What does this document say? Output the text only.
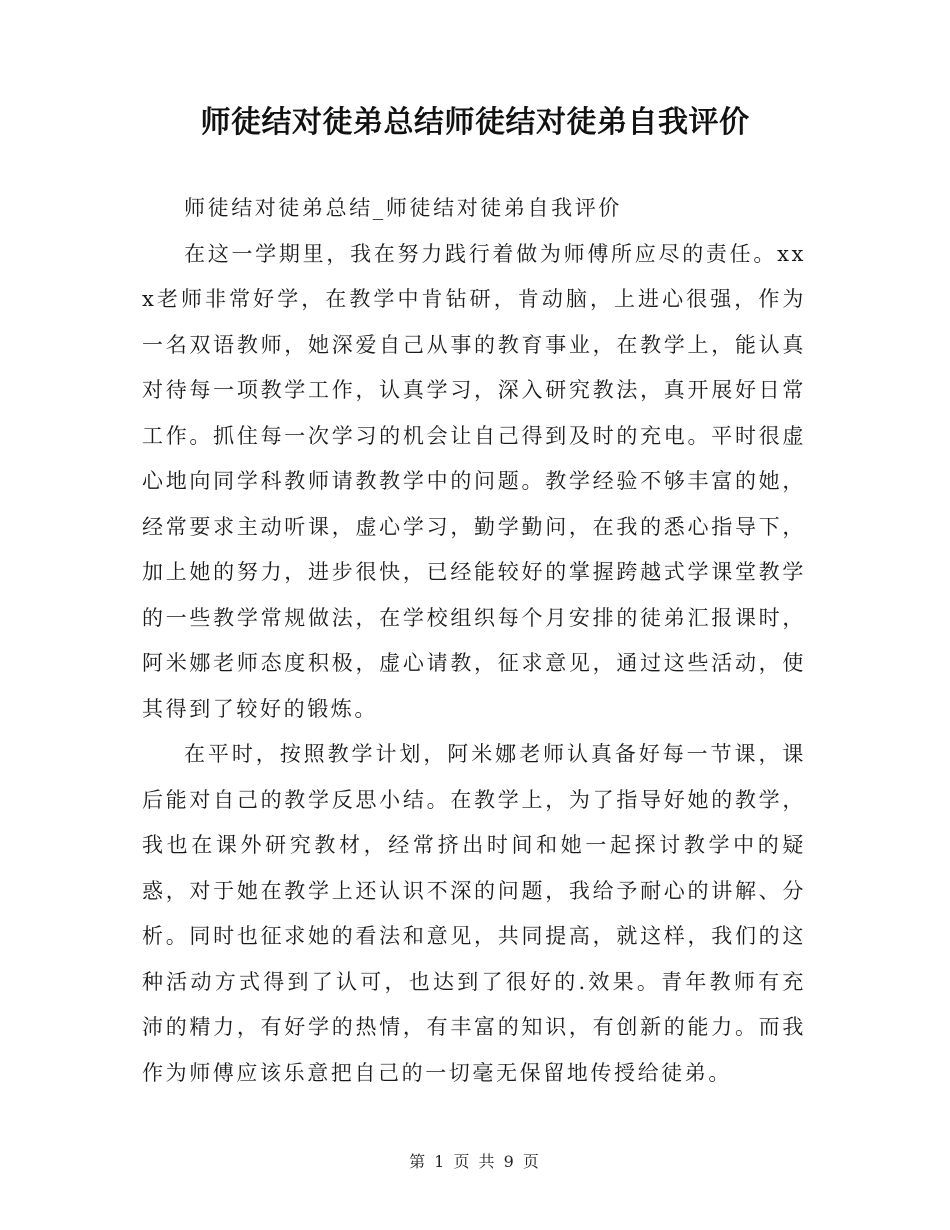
师徒结对徒弟总结师徒结对徒弟自我评价

师徒结对徒弟总结_师徒结对徒弟自我评价

在这一学期里，我在努力践行着做为师傅所应尽的责任。xxx老师非常好学，在教学中肯钻研，肯动脑，上进心很强，作为一名双语教师，她深爱自己从事的教育事业，在教学上，能认真对待每一项教学工作，认真学习，深入研究教法，真开展好日常工作。抓住每一次学习的机会让自己得到及时的充电。平时很虚心地向同学科教师请教教学中的问题。教学经验不够丰富的她，经常要求主动听课，虚心学习，勤学勤问，在我的悉心指导下，加上她的努力，进步很快，已经能较好的掌握跨越式学课堂教学的一些教学常规做法，在学校组织每个月安排的徒弟汇报课时，阿米娜老师态度积极，虚心请教，征求意见，通过这些活动，使其得到了较好的锻炼。

在平时，按照教学计划，阿米娜老师认真备好每一节课，课后能对自己的教学反思小结。在教学上，为了指导好她的教学，我也在课外研究教材，经常挤出时间和她一起探讨教学中的疑惑，对于她在教学上还认识不深的问题，我给予耐心的讲解、分析。同时也征求她的看法和意见，共同提高，就这样，我们的这种活动方式得到了认可，也达到了很好的.效果。青年教师有充沛的精力，有好学的热情，有丰富的知识，有创新的能力。而我作为师傅应该乐意把自己的一切毫无保留地传授给徒弟。

第 1 页 共 9 页
